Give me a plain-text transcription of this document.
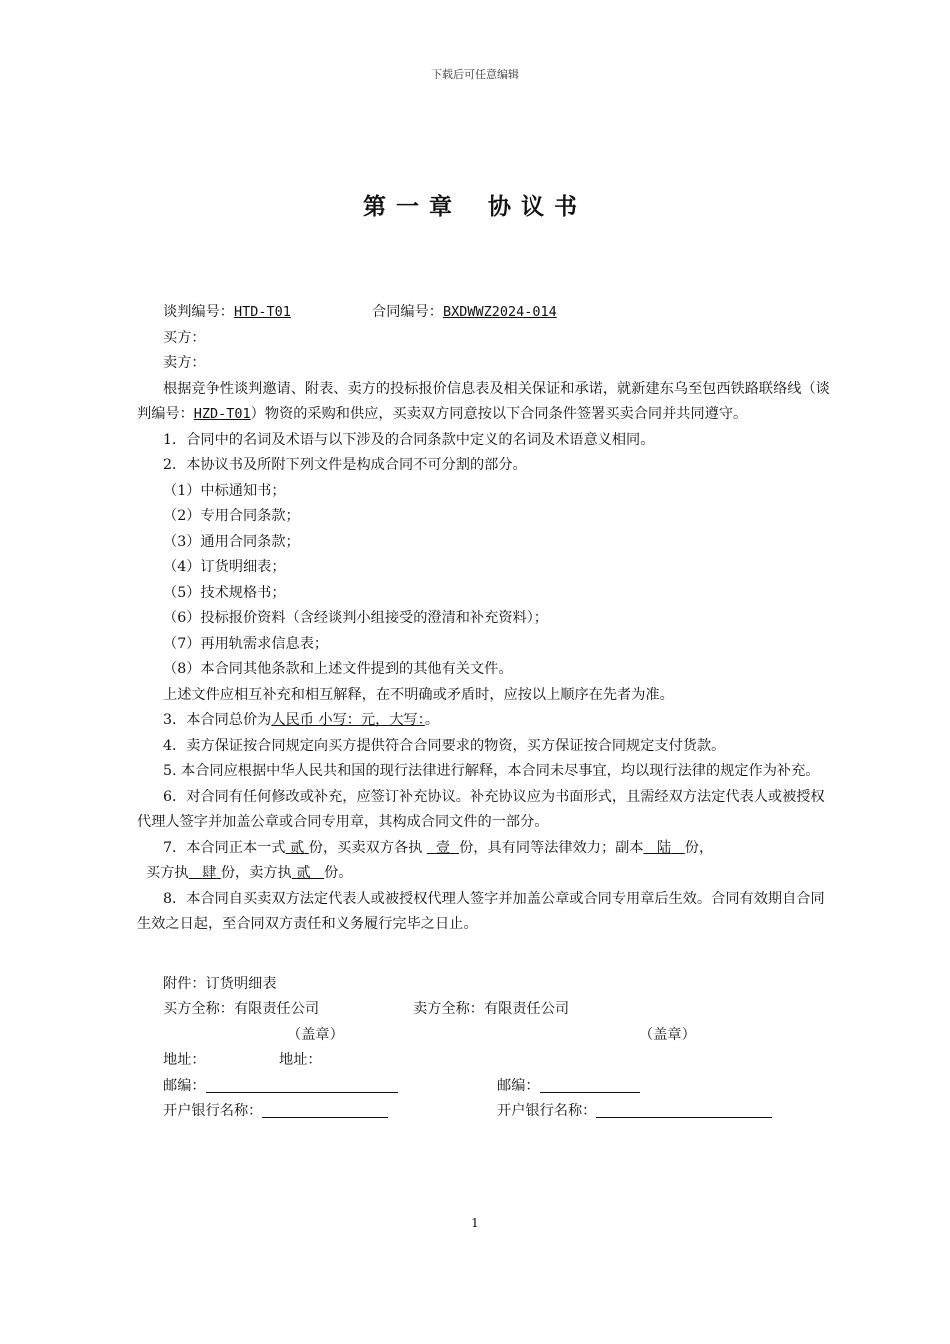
下载后可任意编辑
第一章 协议书
谈判编号：HTD-T01	合同编号：BXDWWZ2024-014

买方：

卖方：

根据竞争性谈判邀请、附表、卖方的投标报价信息表及相关保证和承诺，就新建东乌至包西铁路联络线（谈判编号：HZD-T01）物资的采购和供应，买卖双方同意按以下合同条件签署买卖合同并共同遵守。

1．合同中的名词及术语与以下涉及的合同条款中定义的名词及术语意义相同。

2．本协议书及所附下列文件是构成合同不可分割的部分。

（1）中标通知书；

（2）专用合同条款；

（3）通用合同条款；

（4）订货明细表；

（5）技术规格书；

（6）投标报价资料（含经谈判小组接受的澄清和补充资料）；

（7）再用轨需求信息表；

（8）本合同其他条款和上述文件提到的其他有关文件。

上述文件应相互补充和相互解释，在不明确或矛盾时，应按以上顺序在先者为准。

3．本合同总价为人民币 小写：元，大写：。

4．卖方保证按合同规定向买方提供符合合同要求的物资，买方保证按合同规定支付货款。

5. 本合同应根据中华人民共和国的现行法律进行解释，本合同未尽事宜，均以现行法律的规定作为补充。

6．对合同有任何修改或补充，应签订补充协议。补充协议应为书面形式，且需经双方法定代表人或被授权代理人签字并加盖公章或合同专用章，其构成合同文件的一部分。

7．本合同正本一式 贰 份，买卖双方各执 壹 份，具有同等法律效力；副本 陆 份，

买方执 肆 份，卖方执 贰 份。

8．本合同自买卖双方法定代表人或被授权代理人签字并加盖公章或合同专用章后生效。合同有效期自合同生效之日起，至合同双方责任和义务履行完毕之日止。

附件：订货明细表

买方全称：有限责任公司	卖方全称：有限责任公司
（盖章）	（盖章）
地址：	地址：
邮编：	邮编：
开户银行名称：	开户银行名称：
1
